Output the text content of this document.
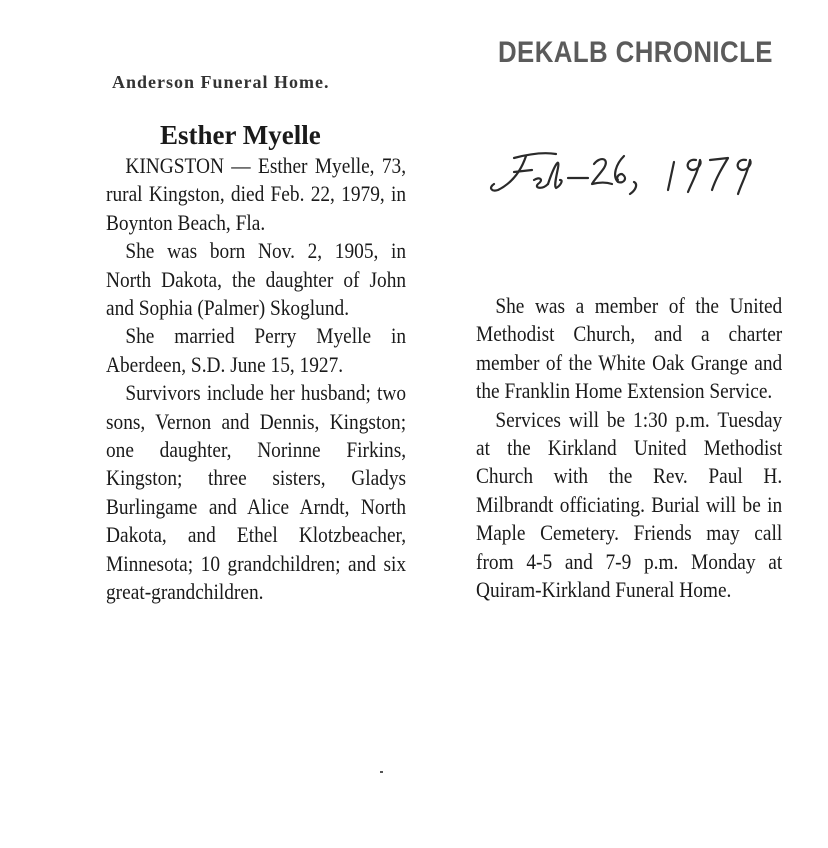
DEKALB CHRONICLE
Anderson Funeral Home.
Esther Myelle

KINGSTON — Esther Myelle, 73, rural Kingston, died Feb. 22, 1979, in Boynton Beach, Fla.

She was born Nov. 2, 1905, in North Dakota, the daughter of John and Sophia (Palmer) Skoglund.

She married Perry Myelle in Aberdeen, S.D. June 15, 1927.

Survivors include her husband; two sons, Vernon and Dennis, Kingston; one daughter, Norinne Firkins, Kingston; three sisters, Gladys Burlingame and Alice Arndt, North Dakota, and Ethel Klotzbeacher, Minnesota; 10 grandchildren; and six great-grandchildren.

She was a member of the United Methodist Church, and a charter member of the White Oak Grange and the Franklin Home Extension Service.

Services will be 1:30 p.m. Tuesday at the Kirkland United Methodist Church with the Rev. Paul H. Milbrandt officiating. Burial will be in Maple Cemetery. Friends may call from 4-5 and 7-9 p.m. Monday at Quiram-Kirkland Funeral Home.
